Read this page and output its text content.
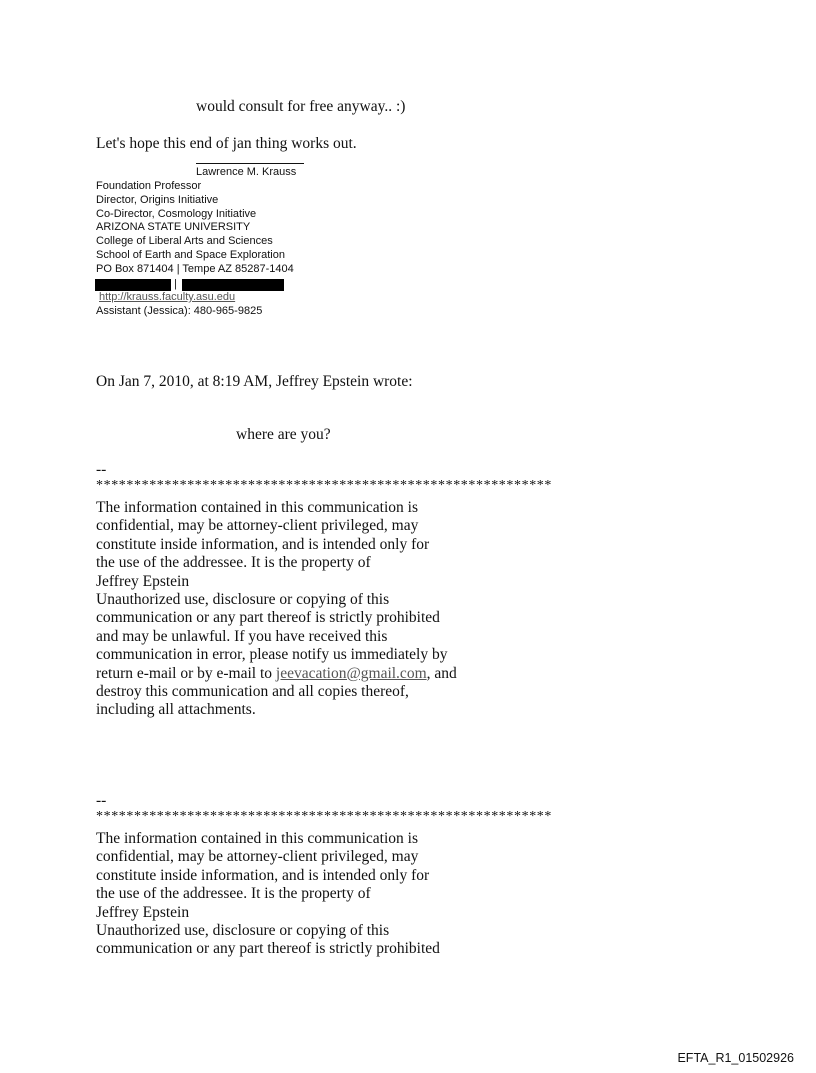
would consult for free anyway.. :)
Let's hope this end of jan thing works out.
Lawrence M. Krauss
Foundation Professor
Director, Origins Initiative
Co-Director, Cosmology Initiative
ARIZONA STATE UNIVERSITY
College of Liberal Arts and Sciences
School of Earth and Space Exploration
PO Box 871404 | Tempe AZ 85287-1404
|
http://krauss.faculty.asu.edu
Assistant (Jessica): 480-965-9825
On Jan 7, 2010, at 8:19 AM, Jeffrey Epstein wrote:
where are you?
--
************************************************************
The information contained in this communication is
confidential, may be attorney-client privileged, may
constitute inside information, and is intended only for
the use of the addressee. It is the property of
Jeffrey Epstein
Unauthorized use, disclosure or copying of this
communication or any part thereof is strictly prohibited
and may be unlawful. If you have received this
communication in error, please notify us immediately by
return e-mail or by e-mail to jeevacation@gmail.com, and
destroy this communication and all copies thereof,
including all attachments.
--
************************************************************
The information contained in this communication is
confidential, may be attorney-client privileged, may
constitute inside information, and is intended only for
the use of the addressee. It is the property of
Jeffrey Epstein
Unauthorized use, disclosure or copying of this
communication or any part thereof is strictly prohibited
EFTA_R1_01502926
